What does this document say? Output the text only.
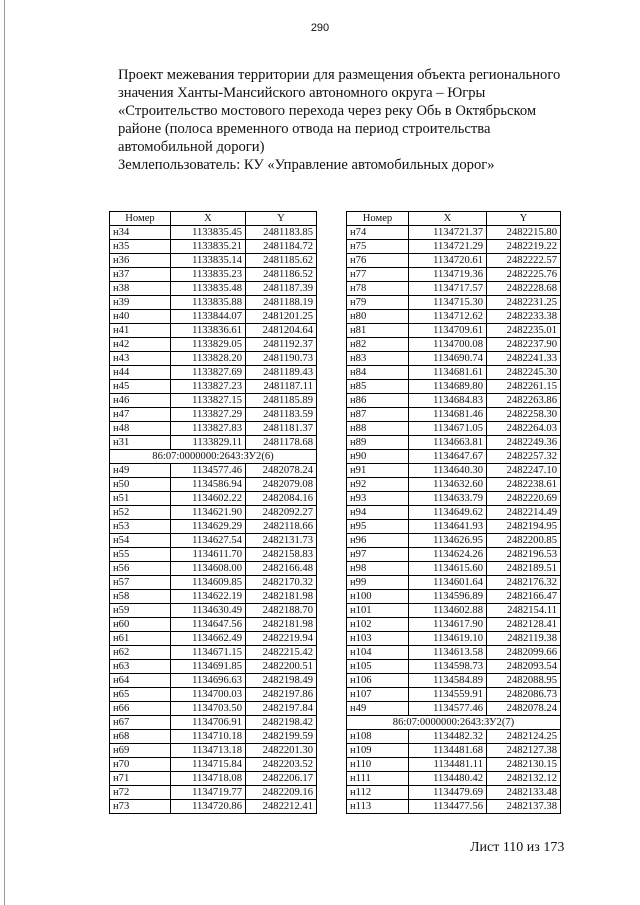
290
Проект межевания территории для размещения объекта регионального
значения Ханты-Мансийского автономного округа – Югры
«Строительство мостового перехода через реку Обь в Октябрьском
районе (полоса временного отвода на период строительства
автомобильной дороги)
Землепользователь: КУ «Управление автомобильных дорог»
Номер	X	Y
н34	1133835.45	2481183.85
н35	1133835.21	2481184.72
н36	1133835.14	2481185.62
н37	1133835.23	2481186.52
н38	1133835.48	2481187.39
н39	1133835.88	2481188.19
н40	1133844.07	2481201.25
н41	1133836.61	2481204.64
н42	1133829.05	2481192.37
н43	1133828.20	2481190.73
н44	1133827.69	2481189.43
н45	1133827.23	2481187.11
н46	1133827.15	2481185.89
н47	1133827.29	2481183.59
н48	1133827.83	2481181.37
н31	1133829.11	2481178.68
86:07:0000000:2643:ЗУ2(6)		
н49	1134577.46	2482078.24
н50	1134586.94	2482079.08
н51	1134602.22	2482084.16
н52	1134621.90	2482092.27
н53	1134629.29	2482118.66
н54	1134627.54	2482131.73
н55	1134611.70	2482158.83
н56	1134608.00	2482166.48
н57	1134609.85	2482170.32
н58	1134622.19	2482181.98
н59	1134630.49	2482188.70
н60	1134647.56	2482181.98
н61	1134662.49	2482219.94
н62	1134671.15	2482215.42
н63	1134691.85	2482200.51
н64	1134696.63	2482198.49
н65	1134700.03	2482197.86
н66	1134703.50	2482197.84
н67	1134706.91	2482198.42
н68	1134710.18	2482199.59
н69	1134713.18	2482201.30
н70	1134715.84	2482203.52
н71	1134718.08	2482206.17
н72	1134719.77	2482209.16
н73	1134720.86	2482212.41
Номер	X	Y
н74	1134721.37	2482215.80
н75	1134721.29	2482219.22
н76	1134720.61	2482222.57
н77	1134719.36	2482225.76
н78	1134717.57	2482228.68
н79	1134715.30	2482231.25
н80	1134712.62	2482233.38
н81	1134709.61	2482235.01
н82	1134700.08	2482237.90
н83	1134690.74	2482241.33
н84	1134681.61	2482245.30
н85	1134689.80	2482261.15
н86	1134684.83	2482263.86
н87	1134681.46	2482258.30
н88	1134671.05	2482264.03
н89	1134663.81	2482249.36
н90	1134647.67	2482257.32
н91	1134640.30	2482247.10
н92	1134632.60	2482238.61
н93	1134633.79	2482220.69
н94	1134649.62	2482214.49
н95	1134641.93	2482194.95
н96	1134626.95	2482200.85
н97	1134624.26	2482196.53
н98	1134615.60	2482189.51
н99	1134601.64	2482176.32
н100	1134596.89	2482166.47
н101	1134602.88	2482154.11
н102	1134617.90	2482128.41
н103	1134619.10	2482119.38
н104	1134613.58	2482099.66
н105	1134598.73	2482093.54
н106	1134584.89	2482088.95
н107	1134559.91	2482086.73
н49	1134577.46	2482078.24
86:07:0000000:2643:ЗУ2(7)		
н108	1134482.32	2482124.25
н109	1134481.68	2482127.38
н110	1134481.11	2482130.15
н111	1134480.42	2482132.12
н112	1134479.69	2482133.48
н113	1134477.56	2482137.38
Лист 110 из 173
